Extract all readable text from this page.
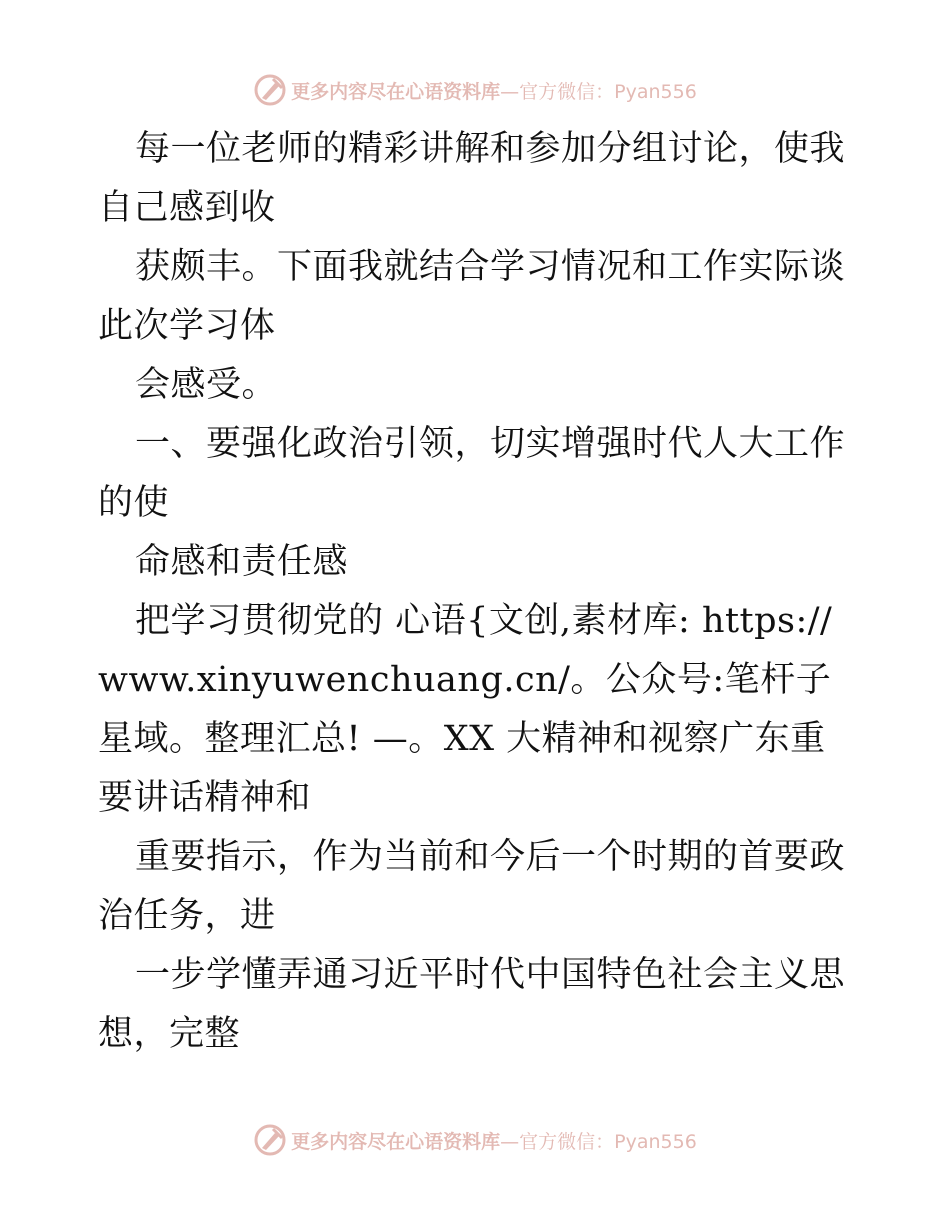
更多内容尽在心语资料库 —官方微信：Pyan556

每一位老师的精彩讲解和参加分组讨论，使我自己感到收

获颇丰。下面我就结合学习情况和工作实际谈此次学习体

会感受。

一、要强化政治引领，切实增强时代人大工作的使

命感和责任感

把学习贯彻党的 心语{文创,素材库: https://www.xinyuwenchuang.cn/。公众号:笔杆子星域。整理汇总! —。XX 大精神和视察广东重要讲话精神和

重要指示，作为当前和今后一个时期的首要政治任务，进

一步学懂弄通习近平时代中国特色社会主义思想，完整

更多内容尽在心语资料库 —官方微信：Pyan556
